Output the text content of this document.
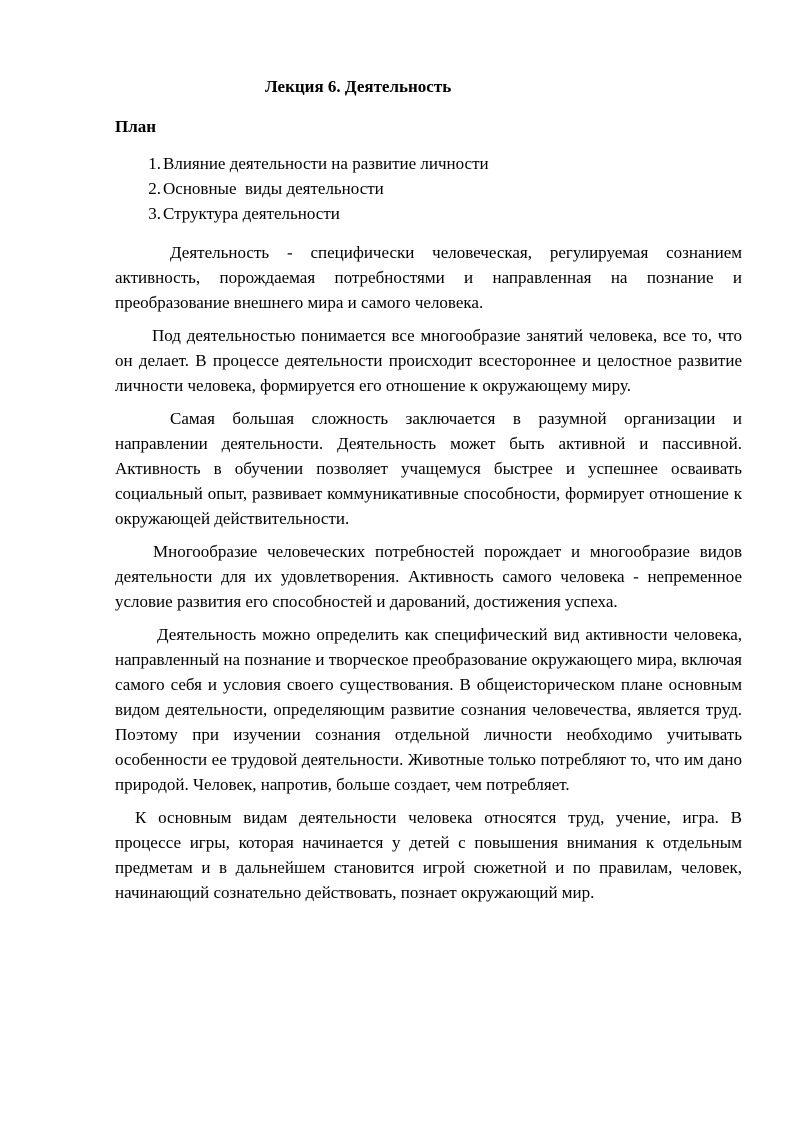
Лекция 6. Деятельность
План
1. Влияние деятельности на развитие личности
2. Основные  виды деятельности
3. Структура деятельности

Деятельность - специфически человеческая, регулируемая сознанием активность, порождаемая потребностями и направленная на познание и преобразование внешнего мира и самого человека.

Под деятельностью понимается все многообразие занятий человека, все то, что он делает. В процессе деятельности происходит всестороннее и целостное развитие личности человека, формируется его отношение к окружающему миру.

Самая большая сложность заключается в разумной организации и направлении деятельности. Деятельность может быть активной и пассивной. Активность в обучении позволяет учащемуся быстрее и успешнее осваивать социальный опыт, развивает коммуникативные способности, формирует отношение к окружающей действительности.

Многообразие человеческих потребностей порождает и многообразие видов деятельности для их удовлетворения. Активность самого человека - непременное условие развития его способностей и дарований, достижения успеха.

Деятельность можно определить как специфический вид активности человека, направленный на познание и творческое преобразование окружающего мира, включая самого себя и условия своего существования. В общеисторическом плане основным видом деятельности, определяющим развитие сознания человечества, является труд. Поэтому при изучении сознания отдельной личности необходимо учитывать особенности ее трудовой деятельности. Животные только потребляют то, что им дано природой. Человек, напротив, больше создает, чем потребляет.

К основным видам деятельности человека относятся труд, учение, игра. В процессе игры, которая начинается у детей с повышения внимания к отдельным предметам и в дальнейшем становится игрой сюжетной и по правилам, человек, начинающий сознательно действовать, познает окружающий мир.
